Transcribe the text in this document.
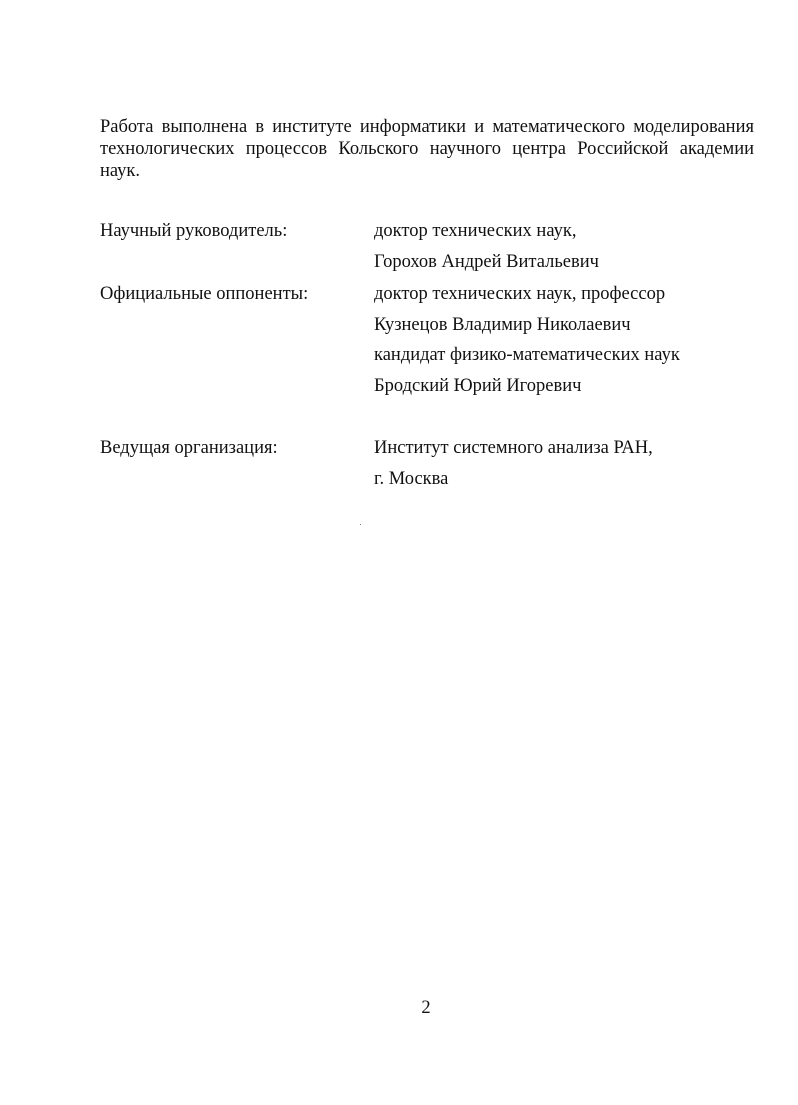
Работа выполнена в институте информатики и математического моделирования технологических процессов Кольского научного центра Российской академии наук.

Научный руководитель:	доктор технических наук,
Горохов Андрей Витальевич
Официальные оппоненты:	доктор технических наук, профессор
Кузнецов Владимир Николаевич
кандидат физико-математических наук
Бродский Юрий Игоревич
Ведущая организация:	Институт системного анализа РАН,
г. Москва
2
